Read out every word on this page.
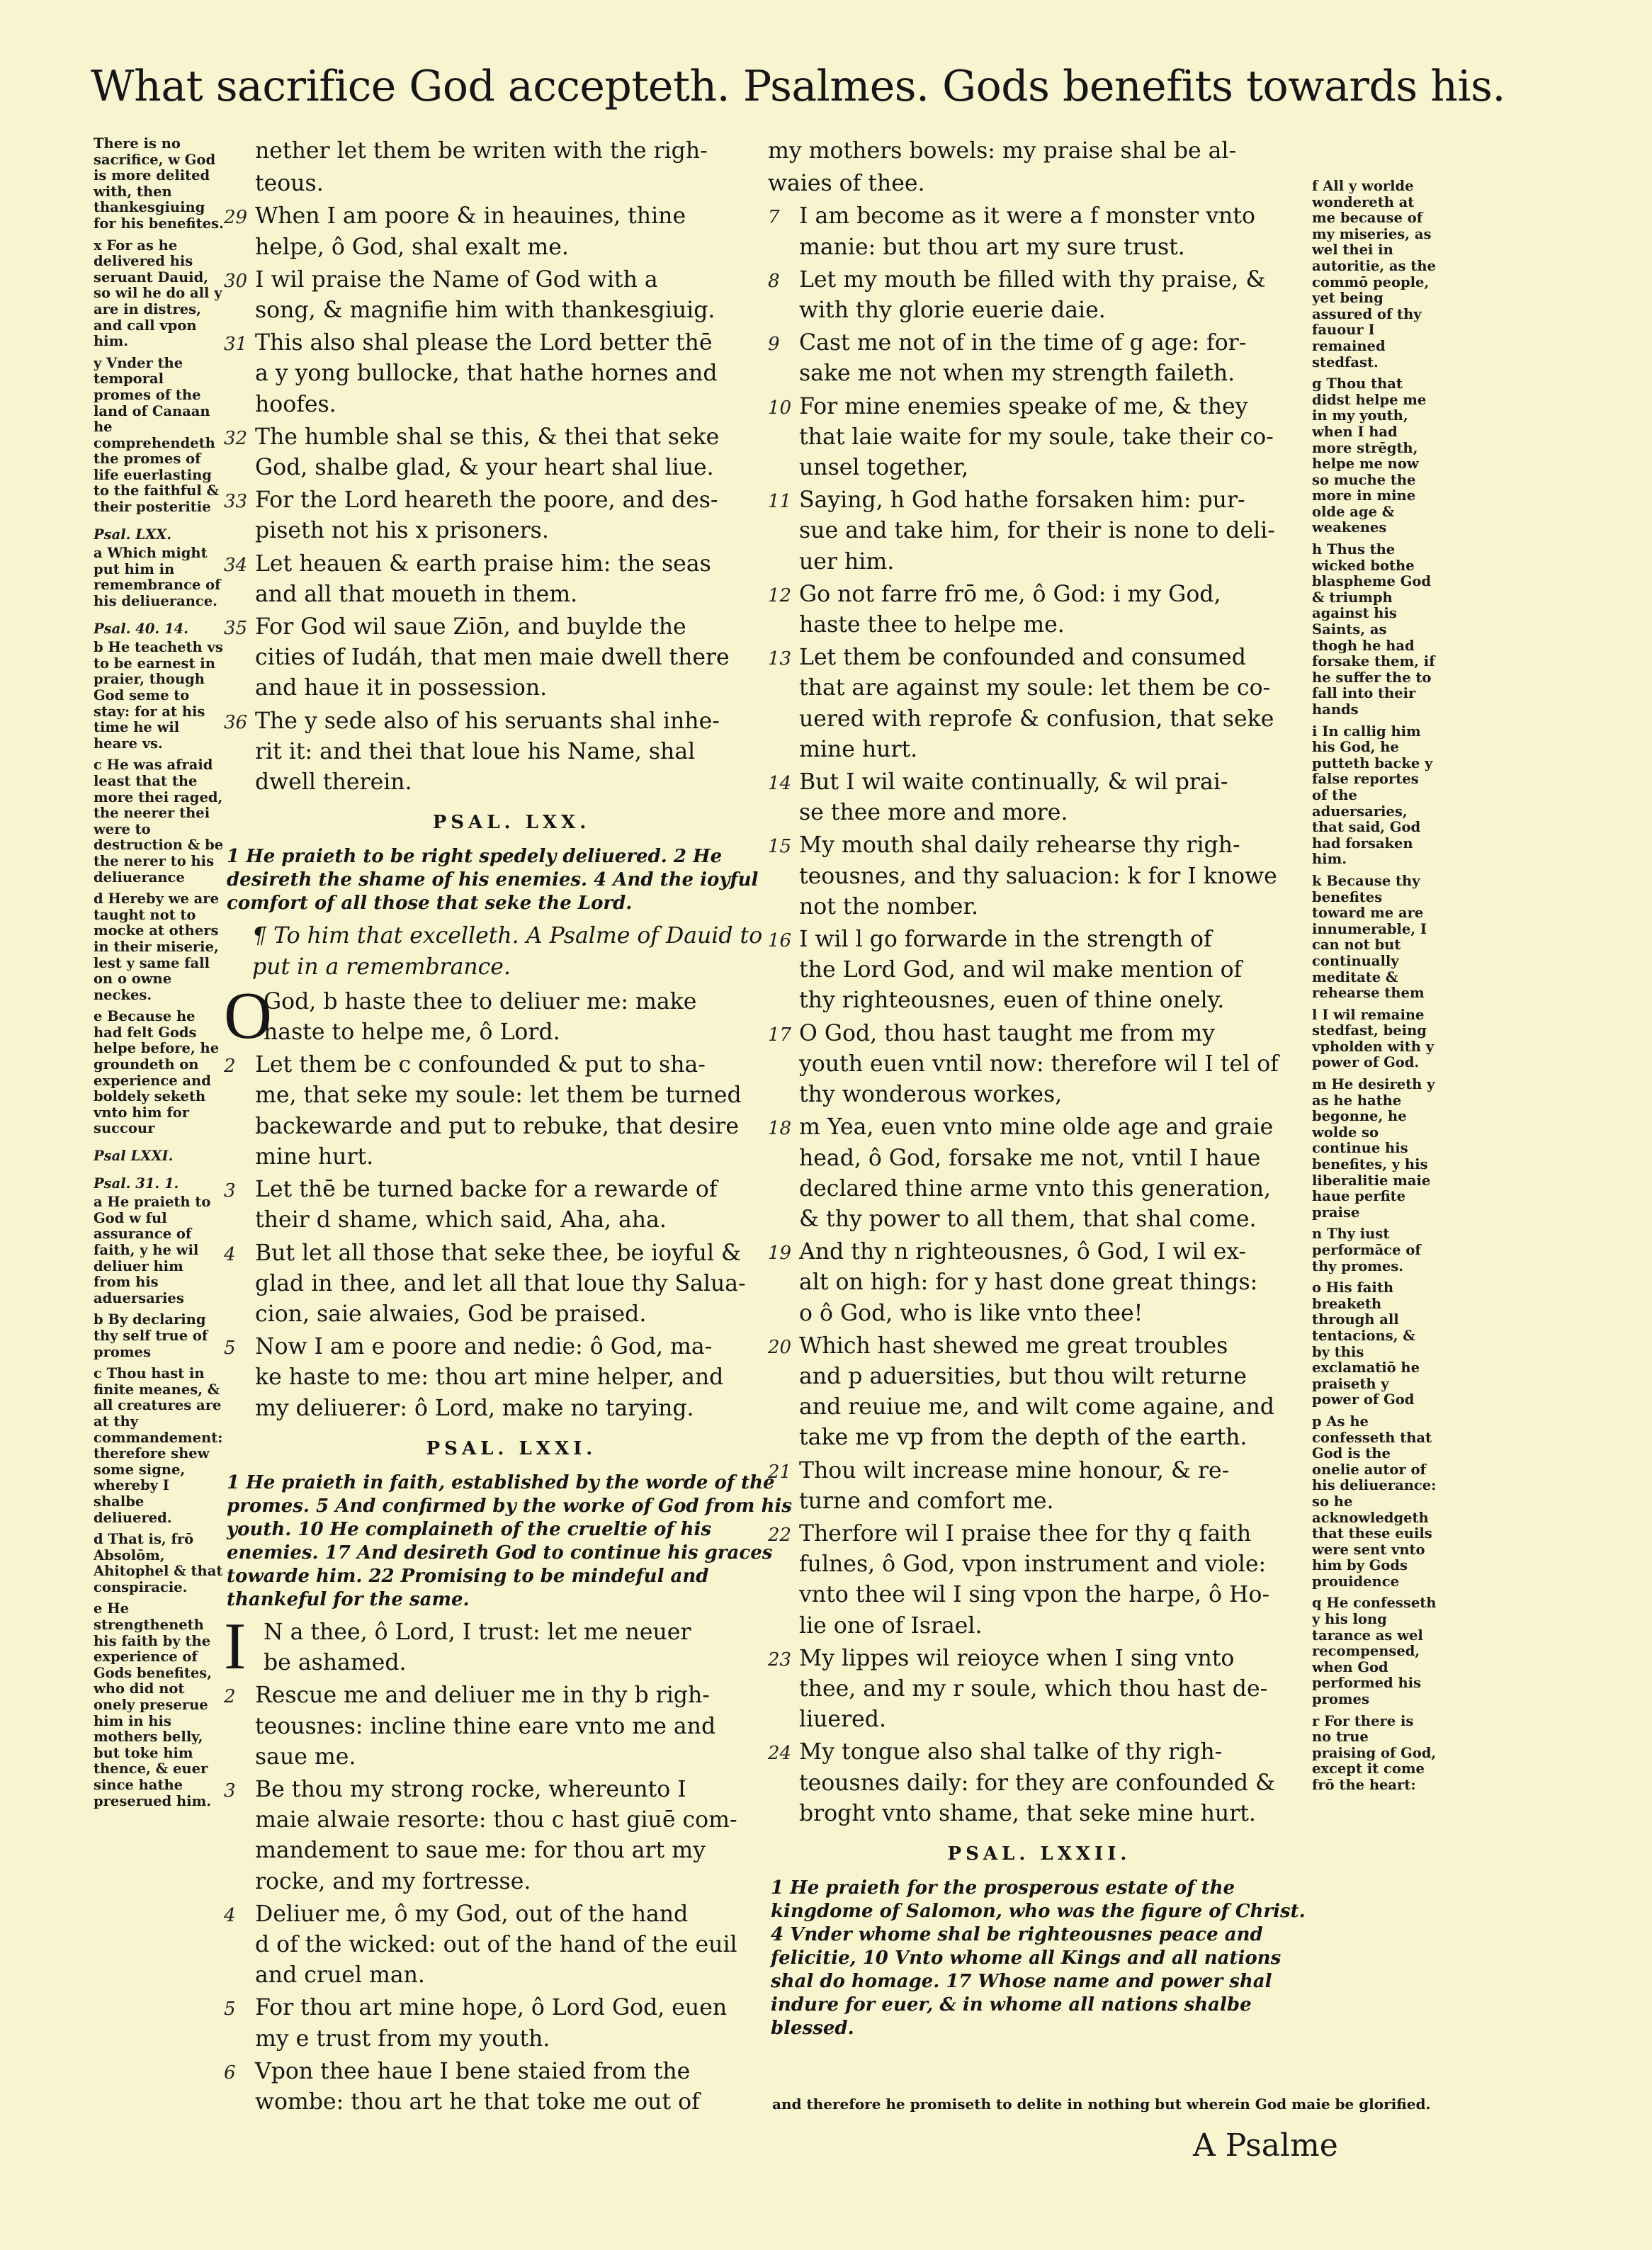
What sacrifice God accepteth. Psalmes. Gods benefits towards his.

There is no sacrifice, w God is more delited with, then thankesgiuing for his benefites.

x For as he delivered his seruant Dauid, so wil he do all y are in distres, and call vpon him.

y Vnder the temporal promes of the land of Canaan he comprehendeth the promes of life euerlasting to the faithful & their posteritie

Psal. LXX.

a Which might put him in remembrance of his deliuerance.

Psal. 40. 14.

b He teacheth vs to be earnest in praier, though God seme to stay: for at his time he wil heare vs.

c He was afraid least that the more thei raged, the neerer thei were to destruction & be the nerer to his deliuerance

d Hereby we are taught not to mocke at others in their miserie, lest y same fall on o owne neckes.

e Because he had felt Gods helpe before, he groundeth on experience and boldely seketh vnto him for succour

Psal LXXI.

Psal. 31. 1.

a He praieth to God w ful assurance of faith, y he wil deliuer him from his aduersaries

b By declaring thy self true of promes

c Thou hast in finite meanes, & all creatures are at thy commandement: therefore shew some signe, whereby I shalbe deliuered.

d That is, frō Absolōm, Ahitophel & that conspiracie.

e He strengtheneth his faith by the experience of Gods benefites, who did not onely preserue him in his mothers belly, but toke him thence, & euer since hathe preserued him.

nether let them be writen with the righ-

teous.

29 When I am poore & in heauines, thine
helpe, ô God, shal exalt me.

30 I wil praise the Name of God with a
song, & magnifie him with thankesgiuig.

31 This also shal please the Lord better thē
a y yong bullocke, that hathe hornes and
hoofes.

32 The humble shal se this, & thei that seke
God, shalbe glad, & your heart shal liue.

33 For the Lord heareth the poore, and des-
piseth not his x prisoners.

34 Let heauen & earth praise him: the seas
and all that moueth in them.

35 For God wil saue Ziōn, and buylde the
cities of Iudáh, that men maie dwell there
and haue it in possession.

36 The y sede also of his seruants shal inhe-
rit it: and thei that loue his Name, shal
dwell therein.

PSAL. LXX.

1 He praieth to be right spedely deliuered. 2 He desireth the shame of his enemies. 4 And the ioyful comfort of all those that seke the Lord.

¶ To him that excelleth. A Psalme of Dauid to put in a remembrance.

O
God, b haste thee to deliuer me: make
haste to helpe me, ô Lord.

2 Let them be c confounded & put to sha-
me, that seke my soule: let them be turned
backewarde and put to rebuke, that desire
mine hurt.

3 Let thē be turned backe for a rewarde of
their d shame, which said, Aha, aha.

4 But let all those that seke thee, be ioyful &
glad in thee, and let all that loue thy Salua-
cion, saie alwaies, God be praised.

5 Now I am e poore and nedie: ô God, ma-
ke haste to me: thou art mine helper, and
my deliuerer: ô Lord, make no tarying.

PSAL. LXXI.

1 He praieth in faith, established by the worde of the promes. 5 And confirmed by the worke of God from his youth. 10 He complaineth of the crueltie of his enemies. 17 And desireth God to continue his graces towarde him. 22 Promising to be mindeful and thankeful for the same.

I N a thee, ô Lord, I trust: let me neuer
be ashamed.

2 Rescue me and deliuer me in thy b righ-
teousnes: incline thine eare vnto me and
saue me.

3 Be thou my strong rocke, whereunto I
maie alwaie resorte: thou c hast giuē com-
mandement to saue me: for thou art my
rocke, and my fortresse.

4 Deliuer me, ô my God, out of the hand
d of the wicked: out of the hand of the euil
and cruel man.

5 For thou art mine hope, ô Lord God, euen
my e trust from my youth.

6 Vpon thee haue I bene staied from the
wombe: thou art he that toke me out of

my mothers bowels: my praise shal be al-

waies of thee.

7 I am become as it were a f monster vnto
manie: but thou art my sure trust.

8 Let my mouth be filled with thy praise, &
with thy glorie euerie daie.

9 Cast me not of in the time of g age: for-
sake me not when my strength faileth.

10 For mine enemies speake of me, & they
that laie waite for my soule, take their co-
unsel together,

11 Saying, h God hathe forsaken him: pur-
sue and take him, for their is none to deli-
uer him.

12 Go not farre frō me, ô God: i my God,
haste thee to helpe me.

13 Let them be confounded and consumed
that are against my soule: let them be co-
uered with reprofe & confusion, that seke
mine hurt.

14 But I wil waite continually, & wil prai-
se thee more and more.

15 My mouth shal daily rehearse thy righ-
teousnes, and thy saluacion: k for I knowe
not the nomber.

16 I wil l go forwarde in the strength of
the Lord God, and wil make mention of
thy righteousnes, euen of thine onely.

17 O God, thou hast taught me from my
youth euen vntil now: therefore wil I tel of
thy wonderous workes,

18 m Yea, euen vnto mine olde age and graie
head, ô God, forsake me not, vntil I haue
declared thine arme vnto this generation,
& thy power to all them, that shal come.

19 And thy n righteousnes, ô God, I wil ex-
alt on high: for y hast done great things:
o ô God, who is like vnto thee!

20 Which hast shewed me great troubles
and p aduersities, but thou wilt returne
and reuiue me, and wilt come againe, and
take me vp from the depth of the earth.

21 Thou wilt increase mine honour, & re-
turne and comfort me.

22 Therfore wil I praise thee for thy q faith
fulnes, ô God, vpon instrument and viole:
vnto thee wil I sing vpon the harpe, ô Ho-
lie one of Israel.

23 My lippes wil reioyce when I sing vnto
thee, and my r soule, which thou hast de-
liuered.

24 My tongue also shal talke of thy righ-
teousnes daily: for they are confounded &
broght vnto shame, that seke mine hurt.

PSAL. LXXII.

1 He praieth for the prosperous estate of the kingdome of Salomon, who was the figure of Christ. 4 Vnder whome shal be righteousnes peace and felicitie, 10 Vnto whome all Kings and all nations shal do homage. 17 Whose name and power shal indure for euer, & in whome all nations shalbe blessed.

f All y worlde wondereth at me because of my miseries, as wel thei in autoritie, as the commō people, yet being assured of thy fauour I remained stedfast.

g Thou that didst helpe me in my youth, when I had more strēgth, helpe me now so muche the more in mine olde age & weakenes

h Thus the wicked bothe blaspheme God & triumph against his Saints, as thogh he had forsake them, if he suffer the to fall into their hands

i In callig him his God, he putteth backe y false reportes of the aduersaries, that said, God had forsaken him.

k Because thy benefites toward me are innumerable, I can not but continually meditate & rehearse them

l I wil remaine stedfast, being vpholden with y power of God.

m He desireth y as he hathe begonne, he wolde so continue his benefites, y his liberalitie maie haue perfite praise

n Thy iust performāce of thy promes.

o His faith breaketh through all tentacions, & by this exclamatiō he praiseth y power of God

p As he confesseth that God is the onelie autor of his deliuerance: so he acknowledgeth that these euils were sent vnto him by Gods prouidence

q He confesseth y his long tarance as wel recompensed, when God performed his promes

r For there is no true praising of God, except it come frō the heart:

and therefore he promiseth to delite in nothing but wherein God maie be glorified.
A Psalme
